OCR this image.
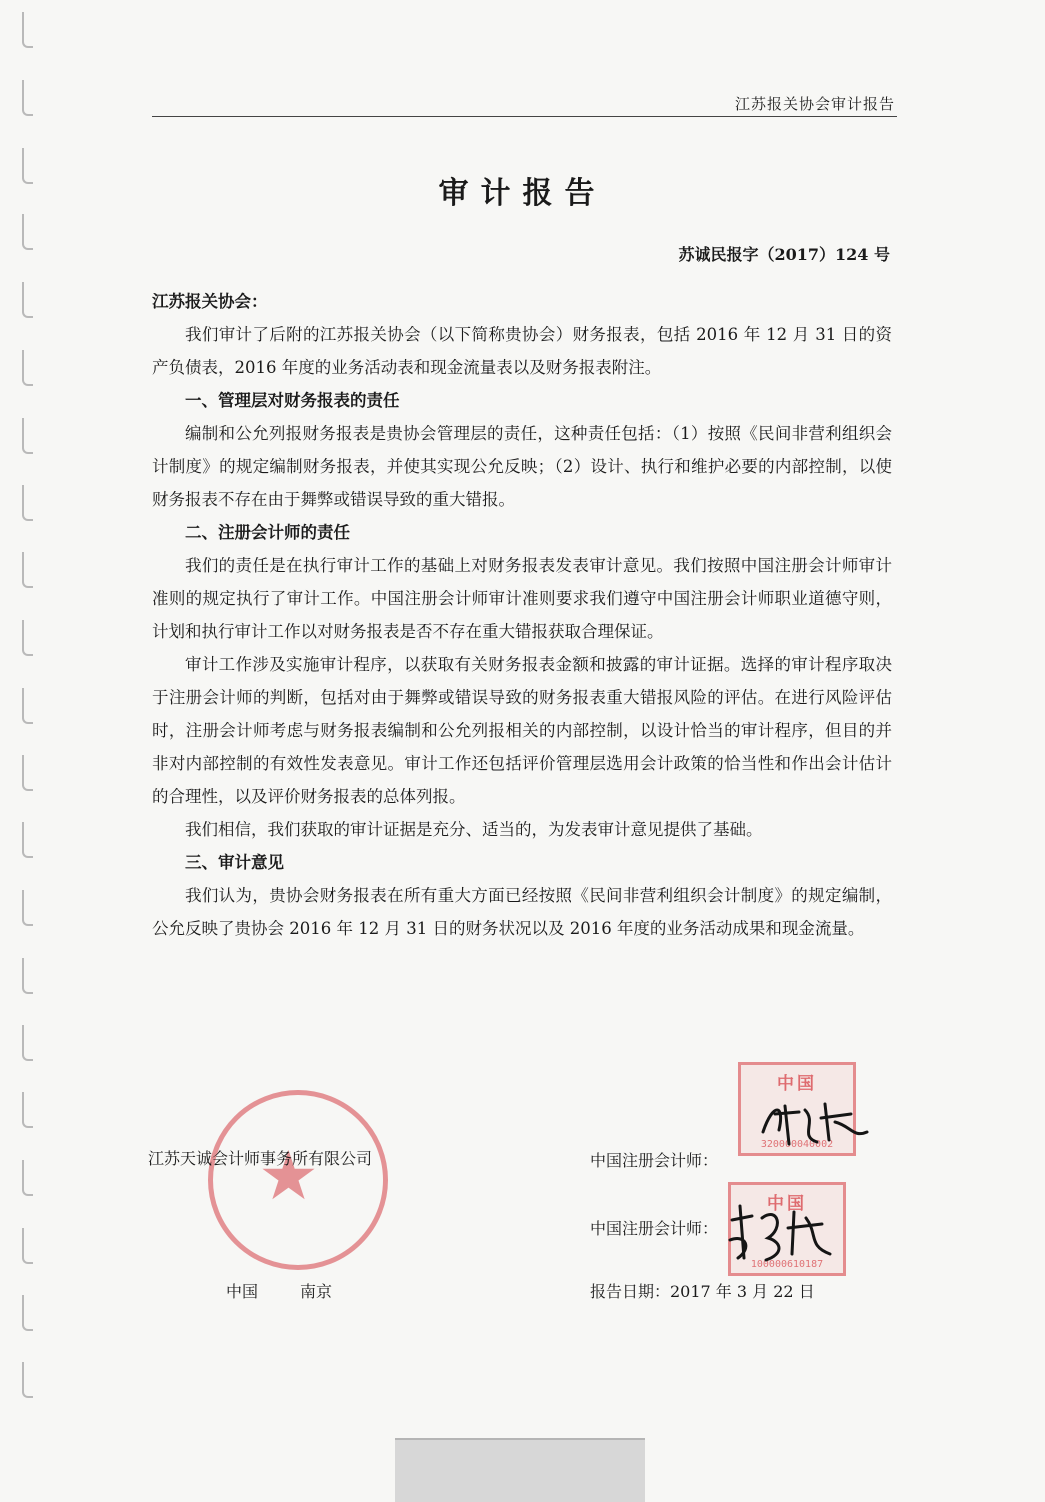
江苏报关协会审计报告
审计报告
苏诚民报字（2017）124 号

江苏报关协会：

我们审计了后附的江苏报关协会（以下简称贵协会）财务报表，包括 2016 年 12 月 31 日的资产负债表，2016 年度的业务活动表和现金流量表以及财务报表附注。

一、管理层对财务报表的责任

编制和公允列报财务报表是贵协会管理层的责任，这种责任包括：（1）按照《民间非营利组织会计制度》的规定编制财务报表，并使其实现公允反映；（2）设计、执行和维护必要的内部控制，以使财务报表不存在由于舞弊或错误导致的重大错报。

二、注册会计师的责任

我们的责任是在执行审计工作的基础上对财务报表发表审计意见。我们按照中国注册会计师审计准则的规定执行了审计工作。中国注册会计师审计准则要求我们遵守中国注册会计师职业道德守则，计划和执行审计工作以对财务报表是否不存在重大错报获取合理保证。

审计工作涉及实施审计程序，以获取有关财务报表金额和披露的审计证据。选择的审计程序取决于注册会计师的判断，包括对由于舞弊或错误导致的财务报表重大错报风险的评估。在进行风险评估时，注册会计师考虑与财务报表编制和公允列报相关的内部控制，以设计恰当的审计程序，但目的并非对内部控制的有效性发表意见。审计工作还包括评价管理层选用会计政策的恰当性和作出会计估计的合理性，以及评价财务报表的总体列报。

我们相信，我们获取的审计证据是充分、适当的，为发表审计意见提供了基础。

三、审计意见

我们认为，贵协会财务报表在所有重大方面已经按照《民间非营利组织会计制度》的规定编制，公允反映了贵协会 2016 年 12 月 31 日的财务状况以及 2016 年度的业务活动成果和现金流量。

★
中国
320000040002
中国
100000610187
江苏天诚会计师事务所有限公司	中国注册会计师：
中国注册会计师：
中国	南京	报告日期：2017 年 3 月 22 日
